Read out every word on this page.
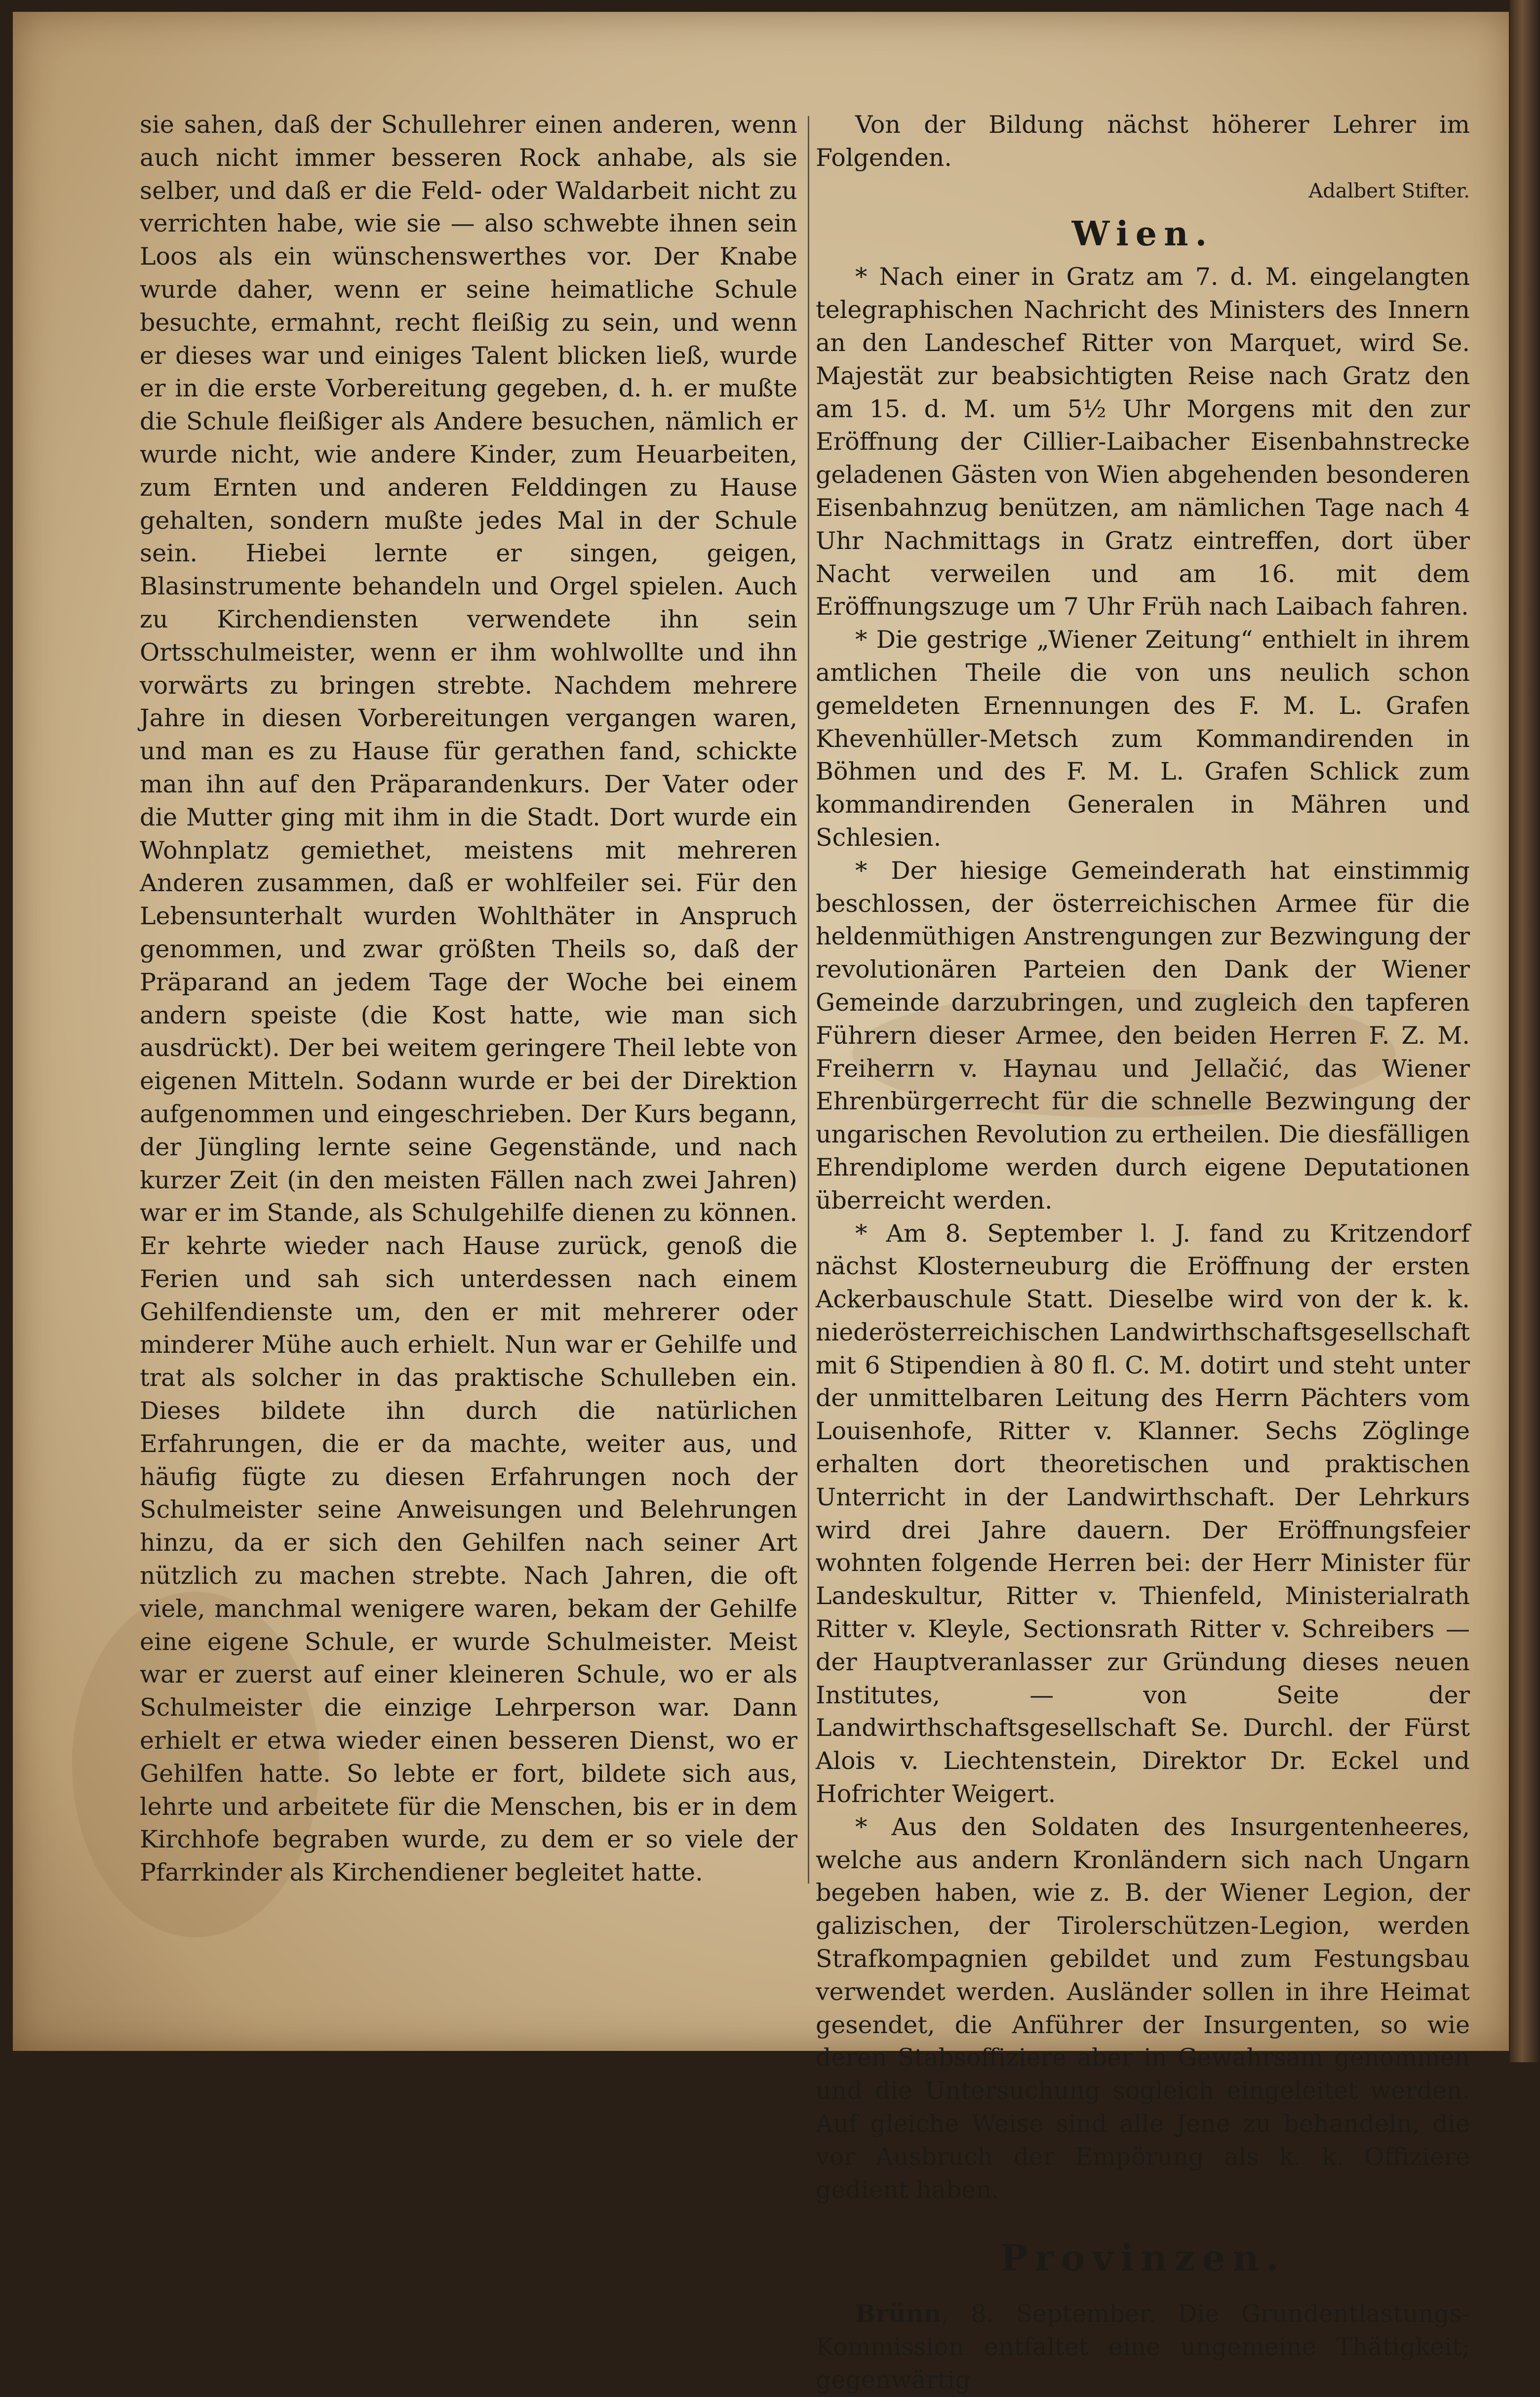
sie sahen, daß der Schullehrer einen anderen, wenn auch nicht immer besseren Rock anhabe, als sie selber, und daß er die Feld- oder Waldarbeit nicht zu verrichten habe, wie sie — also schwebte ihnen sein Loos als ein wünschenswerthes vor. Der Knabe wurde daher, wenn er seine heimatliche Schule besuchte, ermahnt, recht fleißig zu sein, und wenn er dieses war und einiges Talent blicken ließ, wurde er in die erste Vorbereitung gegeben, d. h. er mußte die Schule fleißiger als Andere besuchen, nämlich er wurde nicht, wie andere Kinder, zum Heuarbeiten, zum Ernten und anderen Felddingen zu Hause gehalten, sondern mußte jedes Mal in der Schule sein. Hiebei lernte er singen, geigen, Blasinstrumente behandeln und Orgel spielen. Auch zu Kirchendiensten verwendete ihn sein Ortsschulmeister, wenn er ihm wohlwollte und ihn vorwärts zu bringen strebte. Nachdem mehrere Jahre in diesen Vorbereitungen vergangen waren, und man es zu Hause für gerathen fand, schickte man ihn auf den Präparandenkurs. Der Vater oder die Mutter ging mit ihm in die Stadt. Dort wurde ein Wohnplatz gemiethet, meistens mit mehreren Anderen zusammen, daß er wohlfeiler sei. Für den Lebensunterhalt wurden Wohlthäter in Anspruch genommen, und zwar größten Theils so, daß der Präparand an jedem Tage der Woche bei einem andern speiste (die Kost hatte, wie man sich ausdrückt). Der bei weitem geringere Theil lebte von eigenen Mitteln. Sodann wurde er bei der Direktion aufgenommen und eingeschrieben. Der Kurs begann, der Jüngling lernte seine Gegenstände, und nach kurzer Zeit (in den meisten Fällen nach zwei Jahren) war er im Stande, als Schulgehilfe dienen zu können. Er kehrte wieder nach Hause zurück, genoß die Ferien und sah sich unterdessen nach einem Gehilfendienste um, den er mit mehrerer oder minderer Mühe auch erhielt. Nun war er Gehilfe und trat als solcher in das praktische Schulleben ein. Dieses bildete ihn durch die natürlichen Erfahrungen, die er da machte, weiter aus, und häufig fügte zu diesen Erfahrungen noch der Schulmeister seine Anweisungen und Belehrungen hinzu, da er sich den Gehilfen nach seiner Art nützlich zu machen strebte. Nach Jahren, die oft viele, manchmal wenigere waren, bekam der Gehilfe eine eigene Schule, er wurde Schulmeister. Meist war er zuerst auf einer kleineren Schule, wo er als Schulmeister die einzige Lehrperson war. Dann erhielt er etwa wieder einen besseren Dienst, wo er Gehilfen hatte. So lebte er fort, bildete sich aus, lehrte und arbeitete für die Menschen, bis er in dem Kirchhofe begraben wurde, zu dem er so viele der Pfarrkinder als Kirchendiener begleitet hatte.

Von der Bildung nächst höherer Lehrer im Folgenden.

Adalbert Stifter.
Wien.

* Nach einer in Gratz am 7. d. M. eingelangten telegraphischen Nachricht des Ministers des Innern an den Landeschef Ritter von Marquet, wird Se. Majestät zur beabsichtigten Reise nach Gratz den am 15. d. M. um 5½ Uhr Morgens mit den zur Eröffnung der Cillier-Laibacher Eisenbahnstrecke geladenen Gästen von Wien abgehenden besonderen Eisenbahnzug benützen, am nämlichen Tage nach 4 Uhr Nachmittags in Gratz eintreffen, dort über Nacht verweilen und am 16. mit dem Eröffnungszuge um 7 Uhr Früh nach Laibach fahren.

* Die gestrige „Wiener Zeitung“ enthielt in ihrem amtlichen Theile die von uns neulich schon gemeldeten Ernennungen des F. M. L. Grafen Khevenhüller-Metsch zum Kommandirenden in Böhmen und des F. M. L. Grafen Schlick zum kommandirenden Generalen in Mähren und Schlesien.

* Der hiesige Gemeinderath hat einstimmig beschlossen, der österreichischen Armee für die heldenmüthigen Anstrengungen zur Bezwingung der revolutionären Parteien den Dank der Wiener Gemeinde darzubringen, und zugleich den tapferen Führern dieser Armee, den beiden Herren F. Z. M. Freiherrn v. Haynau und Jellačić, das Wiener Ehrenbürgerrecht für die schnelle Bezwingung der ungarischen Revolution zu ertheilen. Die diesfälligen Ehrendiplome werden durch eigene Deputationen überreicht werden.

* Am 8. September l. J. fand zu Kritzendorf nächst Klosterneuburg die Eröffnung der ersten Ackerbauschule Statt. Dieselbe wird von der k. k. niederösterreichischen Landwirthschaftsgesellschaft mit 6 Stipendien à 80 fl. C. M. dotirt und steht unter der unmittelbaren Leitung des Herrn Pächters vom Louisenhofe, Ritter v. Klanner. Sechs Zöglinge erhalten dort theoretischen und praktischen Unterricht in der Landwirthschaft. Der Lehrkurs wird drei Jahre dauern. Der Eröffnungsfeier wohnten folgende Herren bei: der Herr Minister für Landeskultur, Ritter v. Thienfeld, Ministerialrath Ritter v. Kleyle, Sectionsrath Ritter v. Schreibers — der Hauptveranlasser zur Gründung dieses neuen Institutes, — von Seite der Landwirthschaftsgesellschaft Se. Durchl. der Fürst Alois v. Liechtenstein, Direktor Dr. Eckel und Hofrichter Weigert.

* Aus den Soldaten des Insurgentenheeres, welche aus andern Kronländern sich nach Ungarn begeben haben, wie z. B. der Wiener Legion, der galizischen, der Tirolerschützen-Legion, werden Strafkompagnien gebildet und zum Festungsbau verwendet werden. Ausländer sollen in ihre Heimat gesendet, die Anführer der Insurgenten, so wie deren Stabsoffiziere aber in Gewahrsam genommen und die Untersuchung sogleich eingeleitet werden. Auf gleiche Weise sind alle Jene zu behandeln, die vor Ausbruch der Empörung als k. k. Offiziere gedient haben.

Provinzen.

Brünn, 8. September. Die Grundentlastungs-Kommission entfaltet eine ungemeine Thätigkeit; gegenwärtig
